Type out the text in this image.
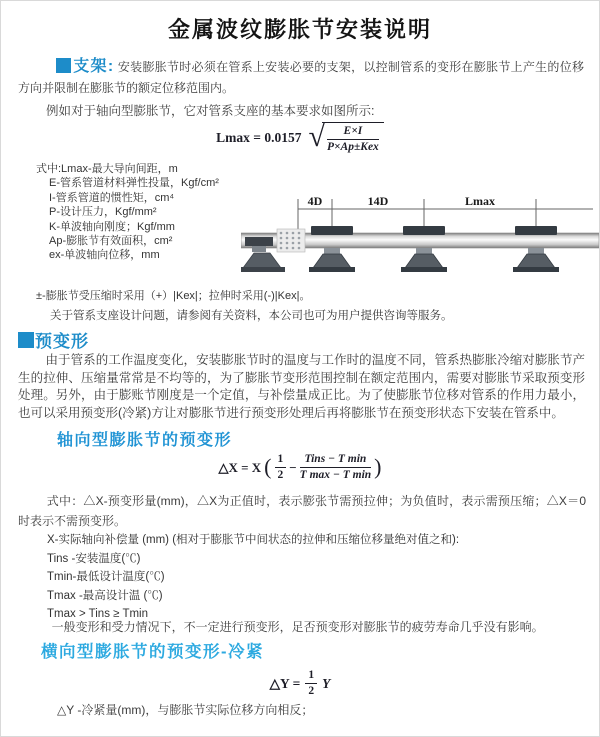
金属波纹膨胀节安装说明
支架: 安装膨胀节时必须在管系上安装必要的支架，以控制管系的变形在膨胀节上产生的位移方向并限制在膨胀节的额定位移范围内。
例如对于轴向型膨胀节，它对管系支座的基本要求如图所示:
Lmax = 0.0157 √ $\frac{E\times I}{\text{P×Ap±Kex}}$
式中:Lmax-最大导向间距，m
E-管系管道材料弹性投量，Kgf/cm²
I-管系管道的惯性矩，cm⁴
P-设计压力，Kgf/mm²
K-单波轴向刚度；Kgf/mm
Ap-膨胀节有效面积，cm²
ex-单波轴向位移，mm
±-膨胀节受压缩时采用（+）|Kex|；拉伸时采用(-)|Kex|。
关于管系支座设计问题，请参阅有关资料，本公司也可为用户提供咨询等服务。
4D	14D	Lmax
预变形
由于管系的工作温度变化，安装膨胀节时的温度与工作时的温度不同，管系热膨胀冷缩对膨胀节产生的拉伸、压缩量常常是不均等的，为了膨胀节变形范围控制在额定范围内，需要对膨胀节采取预变形处理。另外，由于膨账节刚度是一个定值，与补偿量成正比。为了使膨胀节位移对管系的作用力最小，也可以采用预变形(冷紧)方让对膨胀节进行预变形处理后再将膨胀节在预变形状态下安装在管系中。
轴向型膨胀节的预变形
△X = X ( $\frac{1}{2} - \frac{\text{Tins − T min}}{\text{T max − T min}}$ )
式中：△X-预变形量(mm)，△X为正值时，表示膨张节需预拉伸；为负值时，表示需预压缩；△X＝0时表示不需预变形。
X-实际轴向补偿量 (mm) (相对于膨胀节中间状态的拉伸和压缩位移量绝对值之和):
Tins -安装温度(℃)
Tmin-最低设计温度(℃)
Tmax -最高设计温 (℃)
Tmax > Tins ≥ Tmin
一般变形和受力情况下，不一定进行预变形，足否预变形对膨胀节的疲劳寿命几乎没有影响。
横向型膨胀节的预变形-冷紧
△Y = $\frac{1}{2}$ Y
△Y -冷紧量(mm)，与膨胀节实际位移方向相反；
